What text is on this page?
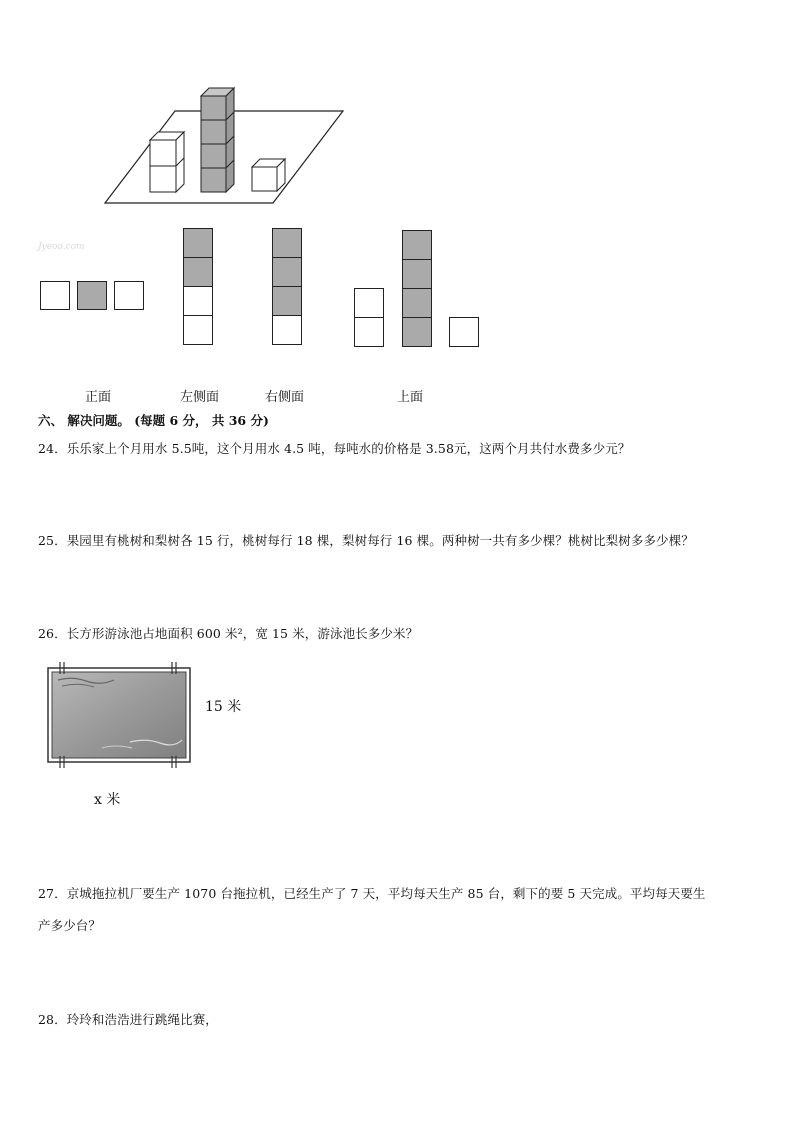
Jyeoo.com
正面	左侧面	右侧面	上面
六、 解决问题。 (每题 6 分， 共 36 分)
24．乐乐家上个月用水 5.5吨，这个月用水 4.5 吨，每吨水的价格是 3.58元，这两个月共付水费多少元？
25．果园里有桃树和梨树各 15 行，桃树每行 18 棵，梨树每行 16 棵。两种树一共有多少棵？桃树比梨树多多少棵？
26．长方形游泳池占地面积 600 米²，宽 15 米，游泳池长多少米？
15 米
x 米
27．京城拖拉机厂要生产 1070 台拖拉机，已经生产了 7 天，平均每天生产 85 台，剩下的要 5 天完成。平均每天要生
产多少台？
28．玲玲和浩浩进行跳绳比赛，
